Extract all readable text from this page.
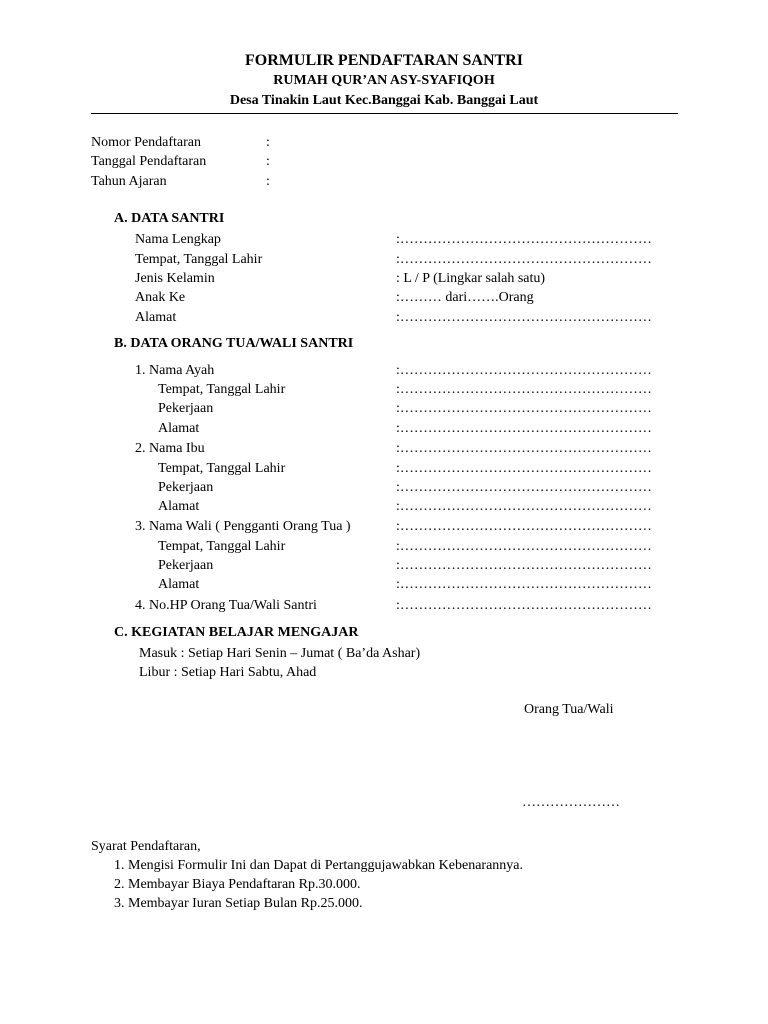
FORMULIR PENDAFTARAN SANTRI
RUMAH QUR’AN ASY-SYAFIQOH
Desa Tinakin Laut Kec.Banggai Kab. Banggai Laut
Nomor Pendaftaran	:
Tanggal Pendaftaran	:
Tahun Ajaran	:
A. DATA SANTRI
Nama Lengkap	:………………………………………………
Tempat, Tanggal Lahir	:………………………………………………
Jenis Kelamin	: L / P (Lingkar salah satu)
Anak Ke	:……… dari…….Orang
Alamat	:………………………………………………
B. DATA ORANG TUA/WALI SANTRI
1. Nama Ayah	:………………………………………………
Tempat, Tanggal Lahir	:………………………………………………
Pekerjaan	:………………………………………………
Alamat	:………………………………………………
2. Nama Ibu	:………………………………………………
Tempat, Tanggal Lahir	:………………………………………………
Pekerjaan	:………………………………………………
Alamat	:………………………………………………
3. Nama Wali ( Pengganti Orang Tua )	:………………………………………………
Tempat, Tanggal Lahir	:………………………………………………
Pekerjaan	:………………………………………………
Alamat	:………………………………………………
4. No.HP Orang Tua/Wali Santri	:………………………………………………
C. KEGIATAN BELAJAR MENGAJAR
Masuk : Setiap Hari Senin – Jumat ( Ba’da Ashar)
Libur : Setiap Hari Sabtu, Ahad
Orang Tua/Wali
…………………
Syarat Pendaftaran,
1. Mengisi Formulir Ini dan Dapat di Pertanggujawabkan Kebenarannya.
2. Membayar Biaya Pendaftaran Rp.30.000.
3. Membayar Iuran Setiap Bulan Rp.25.000.
